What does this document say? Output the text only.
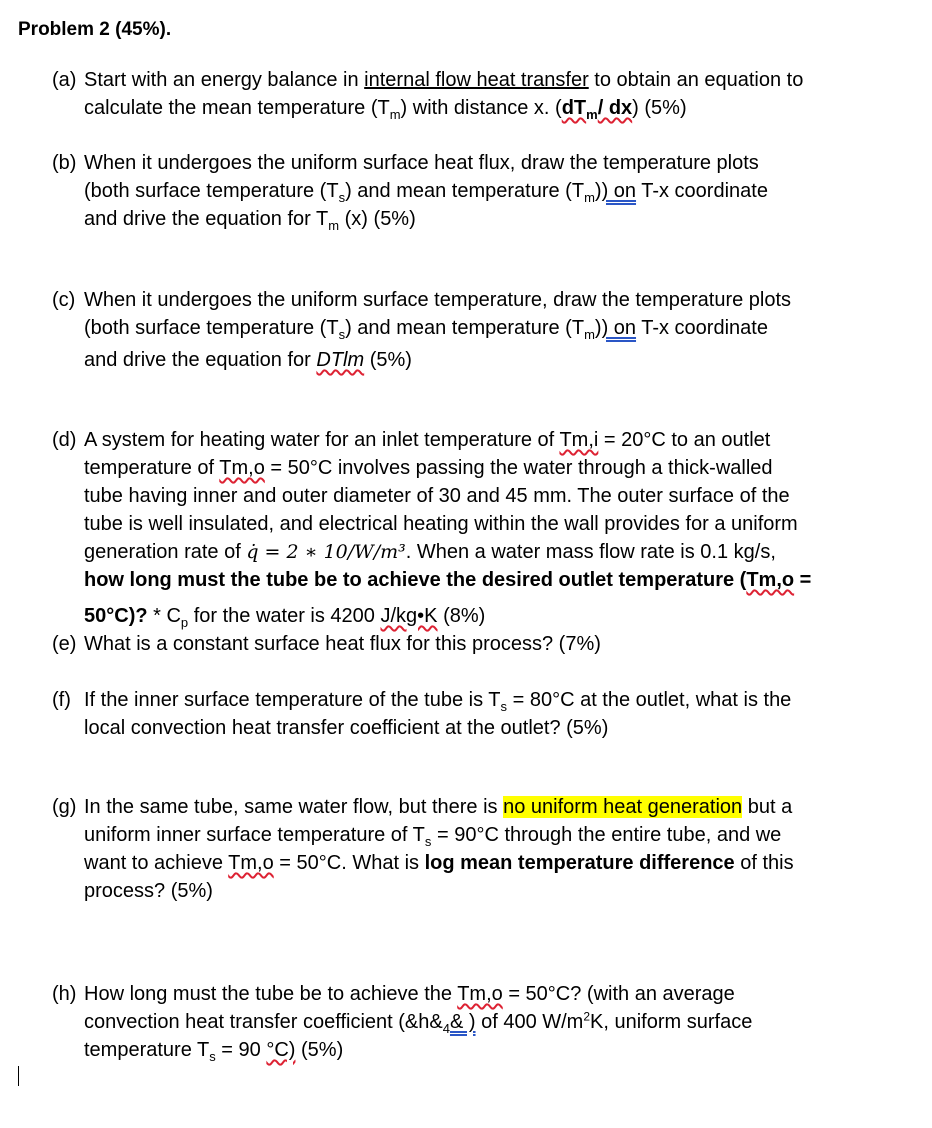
Problem 2 (45%).
(a) Start with an energy balance in internal flow heat transfer to obtain an equation to
calculate the mean temperature $(T_m)$ with distance x. ($dT_m/$ dx) (5%)
(b) When it undergoes the uniform surface heat flux, draw the temperature plots
(both surface temperature $(T_s)$ and mean temperature $(T_m)$) on T-x coordinate
and drive the equation for $T_m$ (x) (5%)
(c) When it undergoes the uniform surface temperature, draw the temperature plots
(both surface temperature $(T_s)$ and mean temperature $(T_m)$) on T-x coordinate
and drive the equation for DTlm (5%)
(d) A system for heating water for an inlet temperature of Tm,i = 20°C to an outlet
temperature of Tm,o = 50°C involves passing the water through a thick-walled
tube having inner and outer diameter of 30 and 45 mm. The outer surface of the
tube is well insulated, and electrical heating within the wall provides for a uniform
generation rate of q̇ = 2 ∗ 10/W/m³. When a water mass flow rate is 0.1 kg/s,
how long must the tube be to achieve the desired outlet temperature (Tm,o =
50°C)? * $C_p$ for the water is 4200 J/kg•K (8%)
(e) What is a constant surface heat flux for this process? (7%)
(f) If the inner surface temperature of the tube is $T_s = 80^\circ C$ at the outlet, what is the
local convection heat transfer coefficient at the outlet? (5%)
(g) In the same tube, same water flow, but there is no uniform heat generation but a
uniform inner surface temperature of $T_s = 90^\circ C$ through the entire tube, and we
want to achieve Tm,o = 50°C. What is log mean temperature difference of this
process? (5%)
(h) How long must the tube be to achieve the Tm,o = 50°C? (with an average
convection heat transfer coefficient ($\&h\&_4\&$ ) of 400 $W/m^2K$, uniform surface
temperature $T_s = 90$ °C) (5%)
